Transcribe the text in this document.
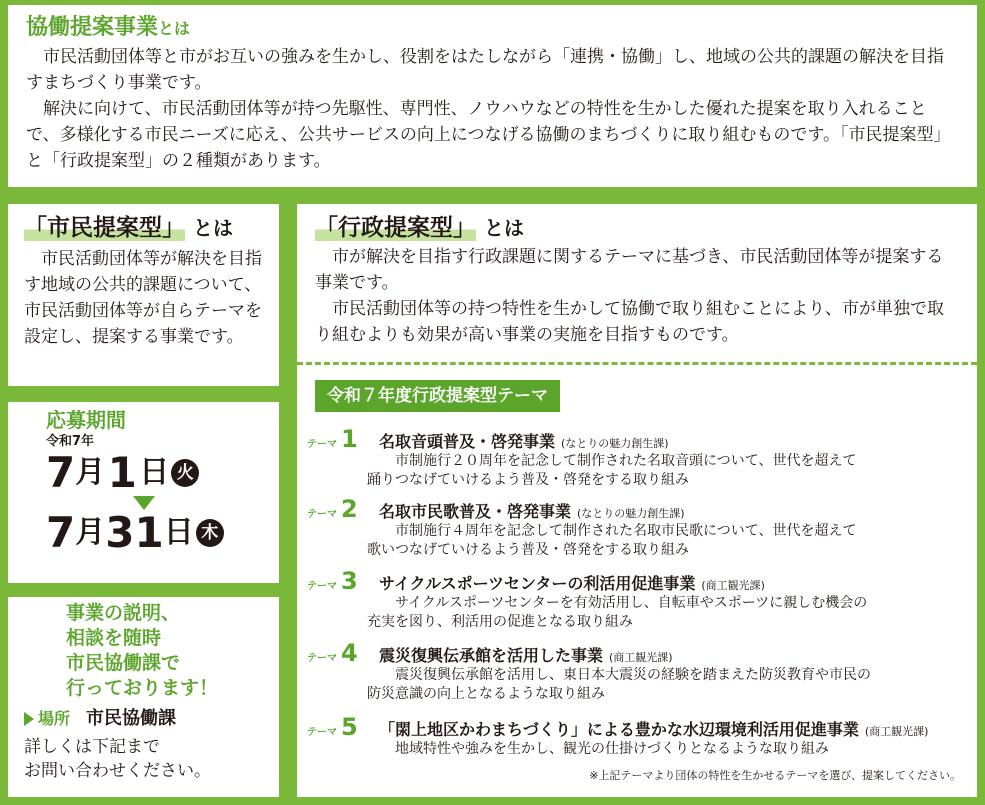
協働提案事業とは

市民活動団体等と市がお互いの強みを生かし、役割をはたしながら「連携・協働」し、地域の公共的課題の解決を目指すまちづくり事業です。

解決に向けて、市民活動団体等が持つ先駆性、専門性、ノウハウなどの特性を生かした優れた提案を取り入れることで、多様化する市民ニーズに応え、公共サービスの向上につなげる協働のまちづくりに取り組むものです。「市民提案型」と「行政提案型」の２種類があります。

「市民提案型」 とは

市民活動団体等が解決を目指す地域の公共的課題について、市民活動団体等が自らテーマを設定し、提案する事業です。

応募期間
令和7年
7 月 1 日 火
7 月 31 日 木
事業の説明、
相談を随時
市民協働課で
行っております！
場所 市民協働課
詳しくは下記まで
お問い合わせください。
「行政提案型」 とは

市が解決を目指す行政課題に関するテーマに基づき、市民活動団体等が提案する事業です。

市民活動団体等の持つ特性を生かして協働で取り組むことにより、市が単独で取り組むよりも効果が高い事業の実施を目指すものです。

令和７年度行政提案型テーマ
テーマ 1	名取音頭普及・啓発事業 (なとりの魅力創生課)
市制施行２０周年を記念して制作された名取音頭について、世代を超えて
踊りつなげていけるよう普及・啓発をする取り組み
テーマ 2	名取市民歌普及・啓発事業 (なとりの魅力創生課)
市制施行４周年を記念して制作された名取市民歌について、世代を超えて
歌いつなげていけるよう普及・啓発をする取り組み
テーマ 3	サイクルスポーツセンターの利活用促進事業 (商工観光課)
サイクルスポーツセンターを有効活用し、自転車やスポーツに親しむ機会の
充実を図り、利活用の促進となる取り組み
テーマ 4	震災復興伝承館を活用した事業 (商工観光課)
震災復興伝承館を活用し、東日本大震災の経験を踏まえた防災教育や市民の
防災意識の向上となるような取り組み
テーマ 5	「閖上地区かわまちづくり」による豊かな水辺環境利活用促進事業 (商工観光課)
地域特性や強みを生かし、観光の仕掛けづくりとなるような取り組み
※上記テーマより団体の特性を生かせるテーマを選び、提案してください。
